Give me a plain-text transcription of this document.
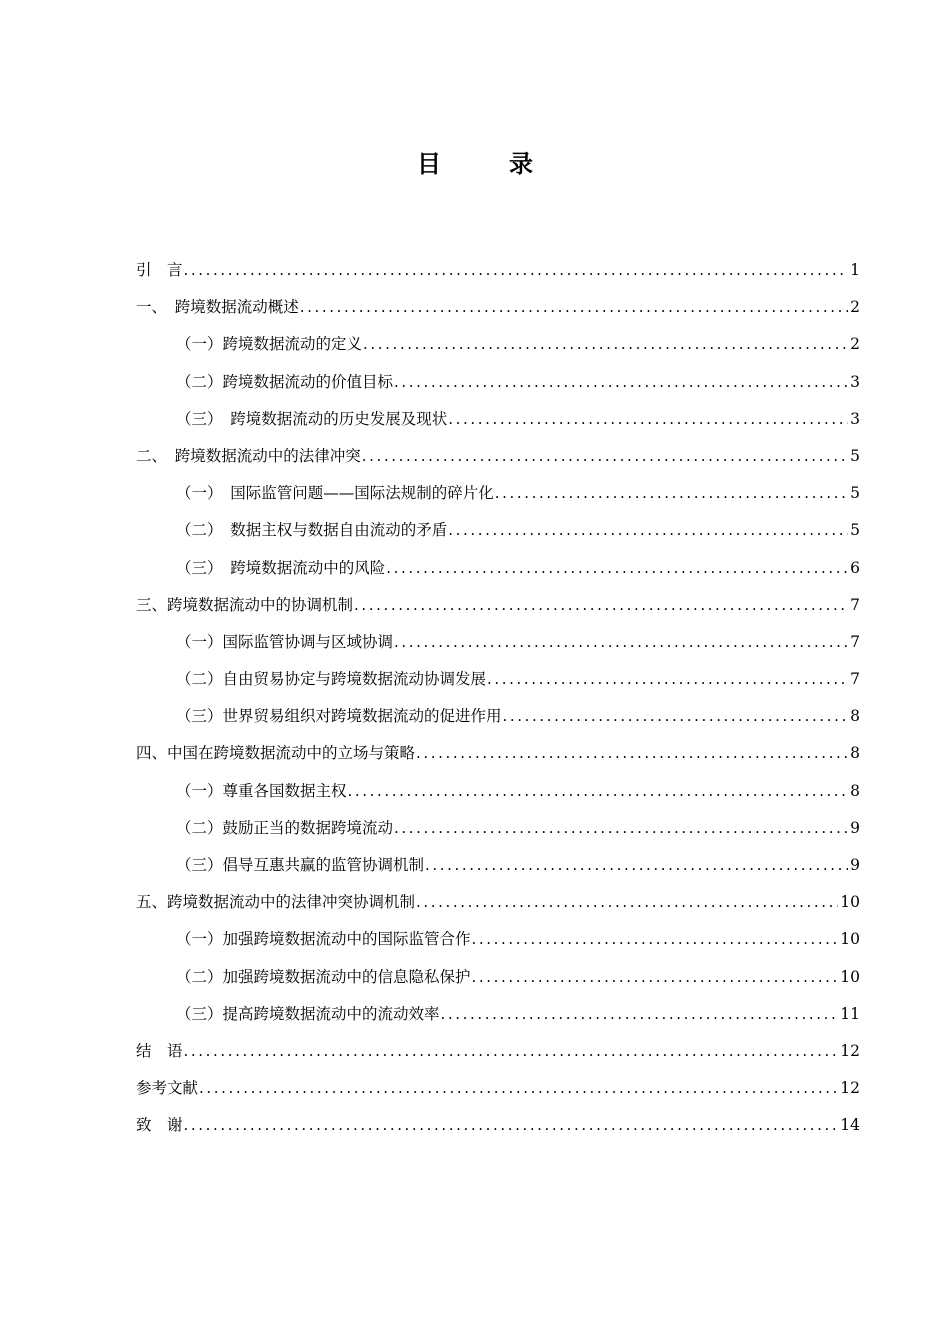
目　录
引　言 .....	1
一、　跨境数据流动概述 .....	2
（一）跨境数据流动的定义 .....	2
（二）跨境数据流动的价值目标 .....	3
（三）　跨境数据流动的历史发展及现状 .....	3
二、　跨境数据流动中的法律冲突 .....	5
（一）　国际监管问题——国际法规制的碎片化 .....	5
（二）　数据主权与数据自由流动的矛盾 .....	5
（三）　跨境数据流动中的风险 .....	6
三、跨境数据流动中的协调机制 .....	7
（一）国际监管协调与区域协调 .....	7
（二）自由贸易协定与跨境数据流动协调发展 .....	7
（三）世界贸易组织对跨境数据流动的促进作用 .....	8
四、中国在跨境数据流动中的立场与策略 .....	8
（一）尊重各国数据主权 .....	8
（二）鼓励正当的数据跨境流动 .....	9
（三）倡导互惠共赢的监管协调机制 .....	9
五、跨境数据流动中的法律冲突协调机制 .....	10
（一）加强跨境数据流动中的国际监管合作 .....	10
（二）加强跨境数据流动中的信息隐私保护 .....	10
（三）提高跨境数据流动中的流动效率 .....	11
结　语 .....	12
参考文献 .....	12
致　谢 .....	14
